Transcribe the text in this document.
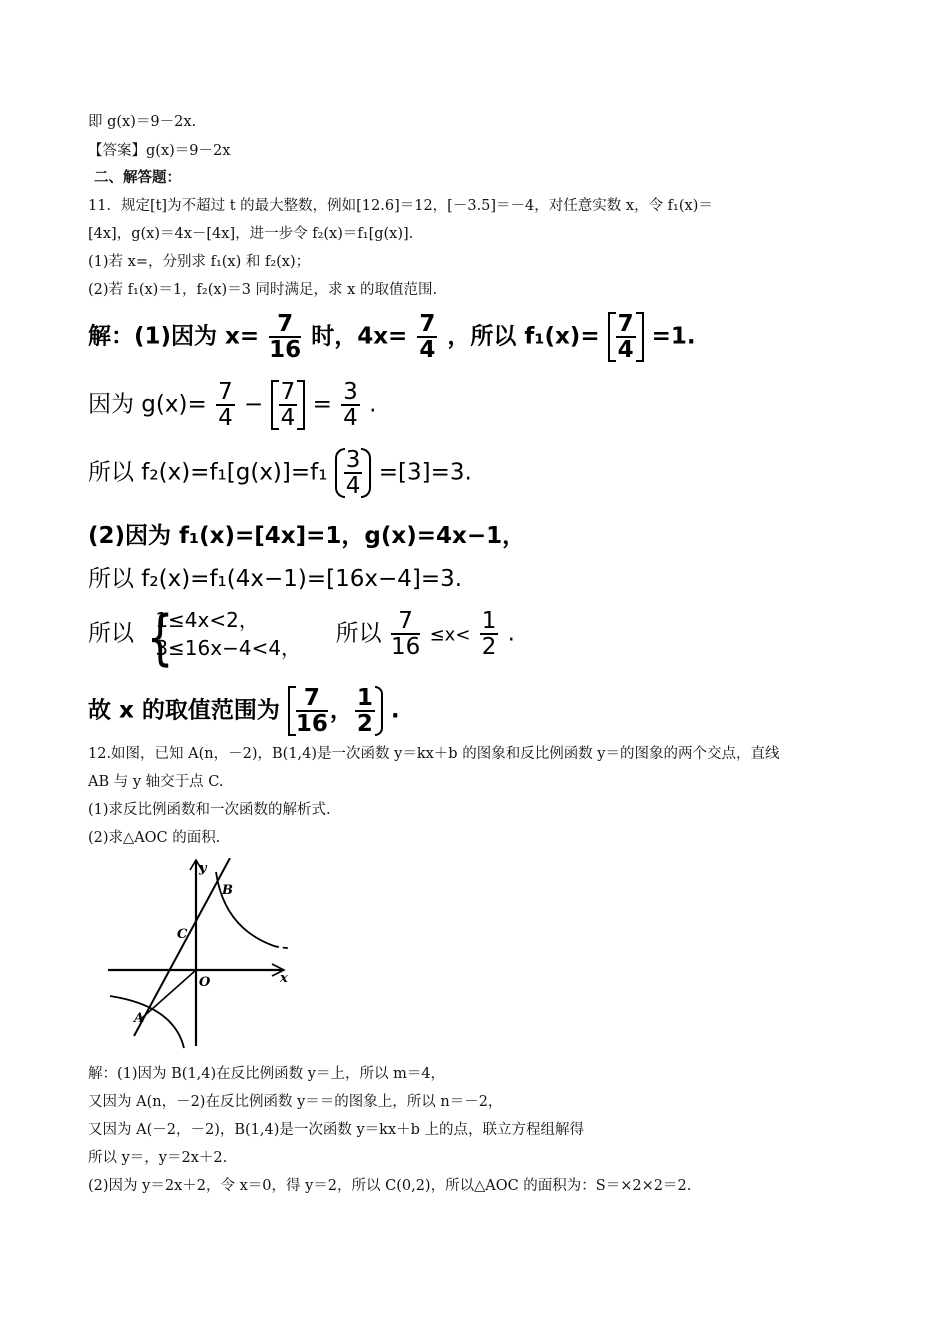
即 g(x)＝9－2x.
【答案】g(x)＝9－2x
二、解答题：
11．规定[t]为不超过 t 的最大整数，例如[12.6]＝12，[－3.5]＝－4，对任意实数 x，令 f₁(x)＝
[4x]，g(x)＝4x－[4x]，进一步令 f₂(x)＝f₁[g(x)].
(1)若 x=，分别求 f₁(x) 和 f₂(x)；
(2)若 f₁(x)＝1，f₂(x)＝3 同时满足，求 x 的取值范围.
解：(1)因为 $x= \frac{7}{16}$ 时，$4x= \frac{7}{4}$ ，所以 $f_1(x)= \frac{7}{4} =1$.
因为 $g(x)= \frac{7}{4} - \frac{7}{4} = \frac{3}{4}$ .
所以 $f_2(x)=f_1[g(x)]=f_1 \frac{3}{4} =[3]=3$.
(2)因为 f₁(x)=[4x]=1，g(x)=4x−1，
所以 f₂(x)=f₁(4x−1)=[16x−4]=3.
所以 {
1≤4x<2，
3≤16x−4<4，
所以 $\frac{7}{16} \le x< \frac{1}{2}$ .
故 x 的取值范围为 $\frac{7}{16}$ ， $\frac{1}{2}$ .
12.如图，已知 A(n，－2)，B(1,4)是一次函数 y＝kx＋b 的图象和反比例函数 y＝的图象的两个交点，直线
AB 与 y 轴交于点 C.
(1)求反比例函数和一次函数的解析式.
(2)求△AOC 的面积.
y
x
B
C
O
A
解：(1)因为 B(1,4)在反比例函数 y＝上，所以 m＝4，
又因为 A(n，－2)在反比例函数 y＝＝的图象上，所以 n＝－2，
又因为 A(－2，－2)，B(1,4)是一次函数 y＝kx＋b 上的点，联立方程组解得
所以 y＝，y＝2x＋2.
(2)因为 y＝2x＋2，令 x＝0，得 y＝2，所以 C(0,2)，所以△AOC 的面积为：S＝×2×2＝2.
